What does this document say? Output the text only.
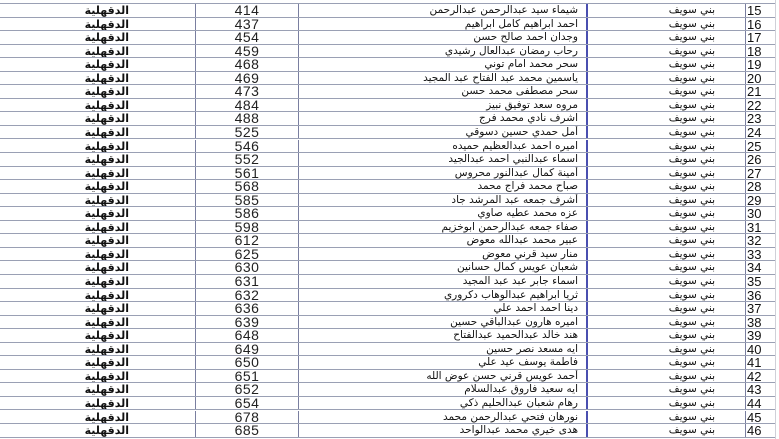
الدقهلية	414	شيماء سيد عبدالرحمن عبدالرحمن	بني سويف	15
الدقهلية	437	احمد ابراهيم كامل ابراهيم	بني سويف	16
الدقهلية	454	وجدان احمد صالح حسن	بني سويف	17
الدقهلية	459	رحاب رمضان عبدالعال رشيدي	بني سويف	18
الدقهلية	468	سحر محمد امام توني	بني سويف	19
الدقهلية	469	ياسمين محمد عبد الفتاح عبد المجيد	بني سويف	20
الدقهلية	473	سحر مصطفى محمد حسن	بني سويف	21
الدقهلية	484	مروه سعد توفيق نبيز	بني سويف	22
الدقهلية	488	اشرف نادي محمد فرج	بني سويف	23
الدقهلية	525	أمل حمدي حسين دسوقي	بني سويف	24
الدقهلية	546	اميره احمد عبدالعظيم حميده	بني سويف	25
الدقهلية	552	اسماء عبدالنبي احمد عبدالجيد	بني سويف	26
الدقهلية	561	أمينة كمال عبدالنور محروس	بني سويف	27
الدقهلية	568	صباح محمد فراج محمد	بني سويف	28
الدقهلية	585	أشرف جمعه عبد المرشد جاد	بني سويف	29
الدقهلية	586	عزه محمد عطيه صاوي	بني سويف	30
الدقهلية	598	صفاء جمعه عبدالرحمن ابوخزيم	بني سويف	31
الدقهلية	612	عبير محمد عبدالله معوض	بني سويف	32
الدقهلية	625	منار سيد قرني معوض	بني سويف	33
الدقهلية	630	شعبان عويس كمال حسانين	بني سويف	34
الدقهلية	631	اسماء جابر عبد عبد المجيد	بني سويف	35
الدقهلية	632	ثريا ابراهيم عبدالوهاب دكروري	بني سويف	36
الدقهلية	636	دينا احمد احمد علي	بني سويف	37
الدقهلية	639	اميره هارون عبدالباقي حسين	بني سويف	38
الدقهلية	648	هند خالد عبدالحميد عبدالفتاح	بني سويف	39
الدقهلية	649	ايه مسعد نصر حسين	بني سويف	40
الدقهلية	650	فاطمة يوسف عيد علي	بني سويف	41
الدقهلية	651	أحمد عويس قرني حسن عوض الله	بني سويف	42
الدقهلية	652	ايه سعيد فاروق عبدالسلام	بني سويف	43
الدقهلية	654	رهام شعبان عبدالحليم ذكي	بني سويف	44
الدقهلية	678	نورهان فتحي عبدالرحمن محمد	بني سويف	45
الدقهلية	685	هدى خيري محمد عبدالواحد	بني سويف	46
